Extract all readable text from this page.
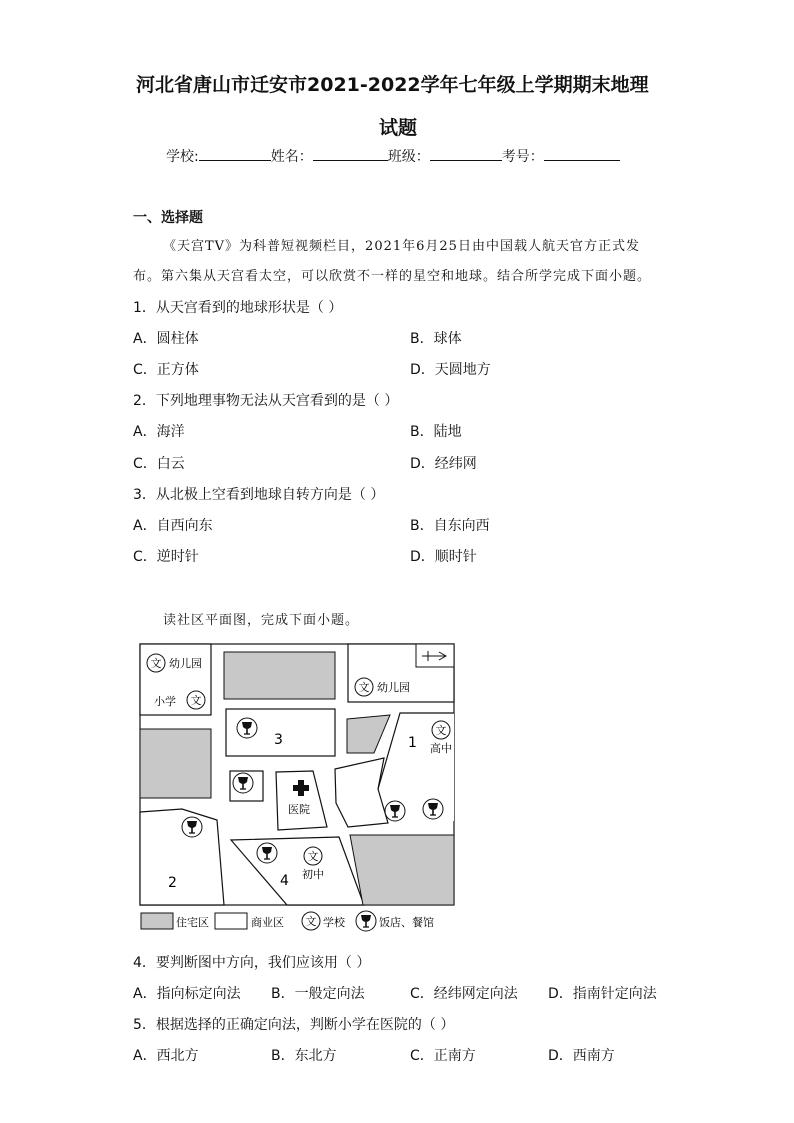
河北省唐山市迁安市2021-2022学年七年级上学期期末地理
试题
学校:	姓名：	班级：	考号：
一、选择题
《天宫TV》为科普短视频栏目，2021年6月25日由中国载人航天官方正式发
布。第六集从天宫看太空，可以欣赏不一样的星空和地球。结合所学完成下面小题。
1．从天宫看到的地球形状是（ ）
A．圆柱体	B．球体
C．正方体	D．天圆地方
2．下列地理事物无法从天宫看到的是（ ）
A．海洋	B．陆地
C．白云	D．经纬网
3．从北极上空看到地球自转方向是（ ）
A．自西向东	B．自东向西
C．逆时针	D．顺时针
读社区平面图，完成下面小题。
文 幼儿园
小学 文
文 幼儿园
3	1
文
高中
医院
2
文
初中
4
住宅区	商业区 文 学校	饭店、餐馆
4．要判断图中方向，我们应该用（ ）
A．指向标定向法 B．一般定向法	C．经纬网定向法 D．指南针定向法
5．根据选择的正确定向法，判断小学在医院的（ ）
A．西北方	B．东北方	C．正南方	D．西南方
